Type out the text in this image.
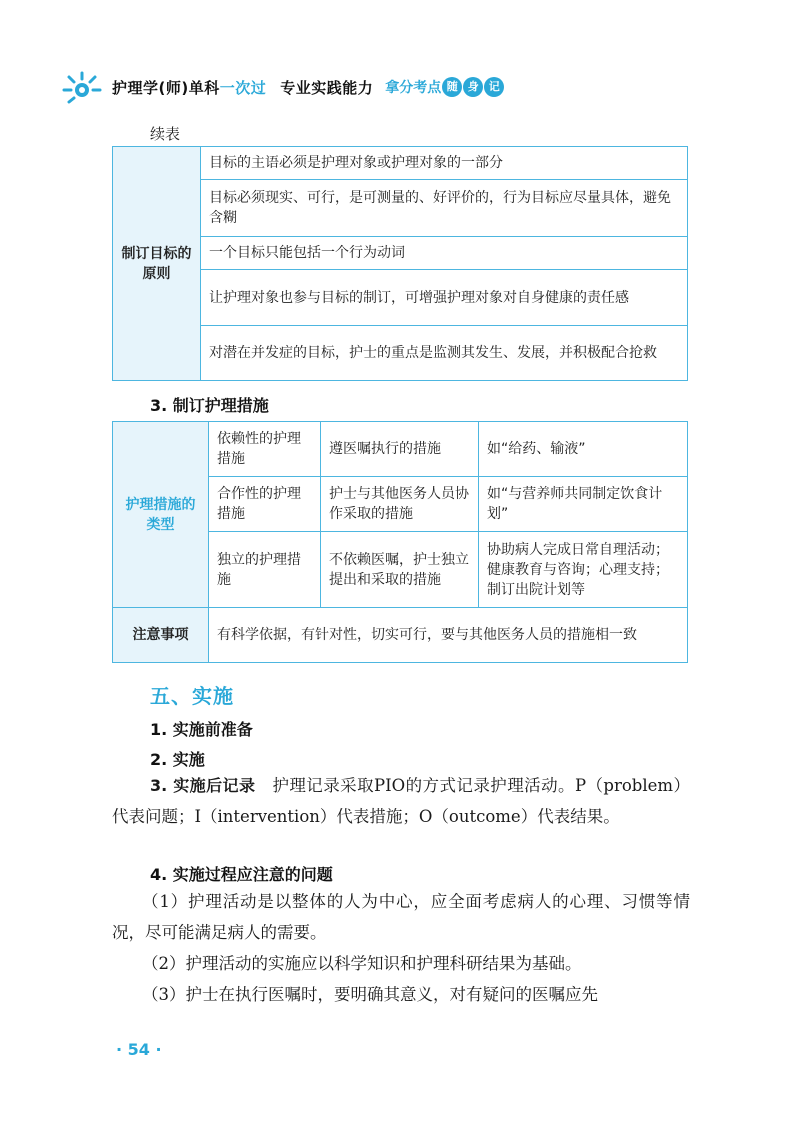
护理学(师)单科一次过 专业实践能力 拿分考点 随 身 记
续表
制订目标的原则	目标的主语必须是护理对象或护理对象的一部分
目标必须现实、可行，是可测量的、好评价的，行为目标应尽量具体，避免含糊
一个目标只能包括一个行为动词
让护理对象也参与目标的制订，可增强护理对象对自身健康的责任感
对潜在并发症的目标，护士的重点是监测其发生、发展，并积极配合抢救
3. 制订护理措施
护理措施的类型	依赖性的护理措施	遵医嘱执行的措施	如“给药、输液”
	合作性的护理措施	护士与其他医务人员协作采取的措施	如“与营养师共同制定饮食计划”
	独立的护理措施	不依赖医嘱，护士独立提出和采取的措施	协助病人完成日常自理活动；健康教育与咨询；心理支持；制订出院计划等
注意事项	有科学依据，有针对性，切实可行，要与其他医务人员的措施相一致		
五、实施
1. 实施前准备
2. 实施
3. 实施后记录 护理记录采取PIO的方式记录护理活动。P（problem）代表问题；I（intervention）代表措施；O（outcome）代表结果。
4. 实施过程应注意的问题
（1）护理活动是以整体的人为中心，应全面考虑病人的心理、习惯等情况，尽可能满足病人的需要。
（2）护理活动的实施应以科学知识和护理科研结果为基础。
（3）护士在执行医嘱时，要明确其意义，对有疑问的医嘱应先
· 54 ·
